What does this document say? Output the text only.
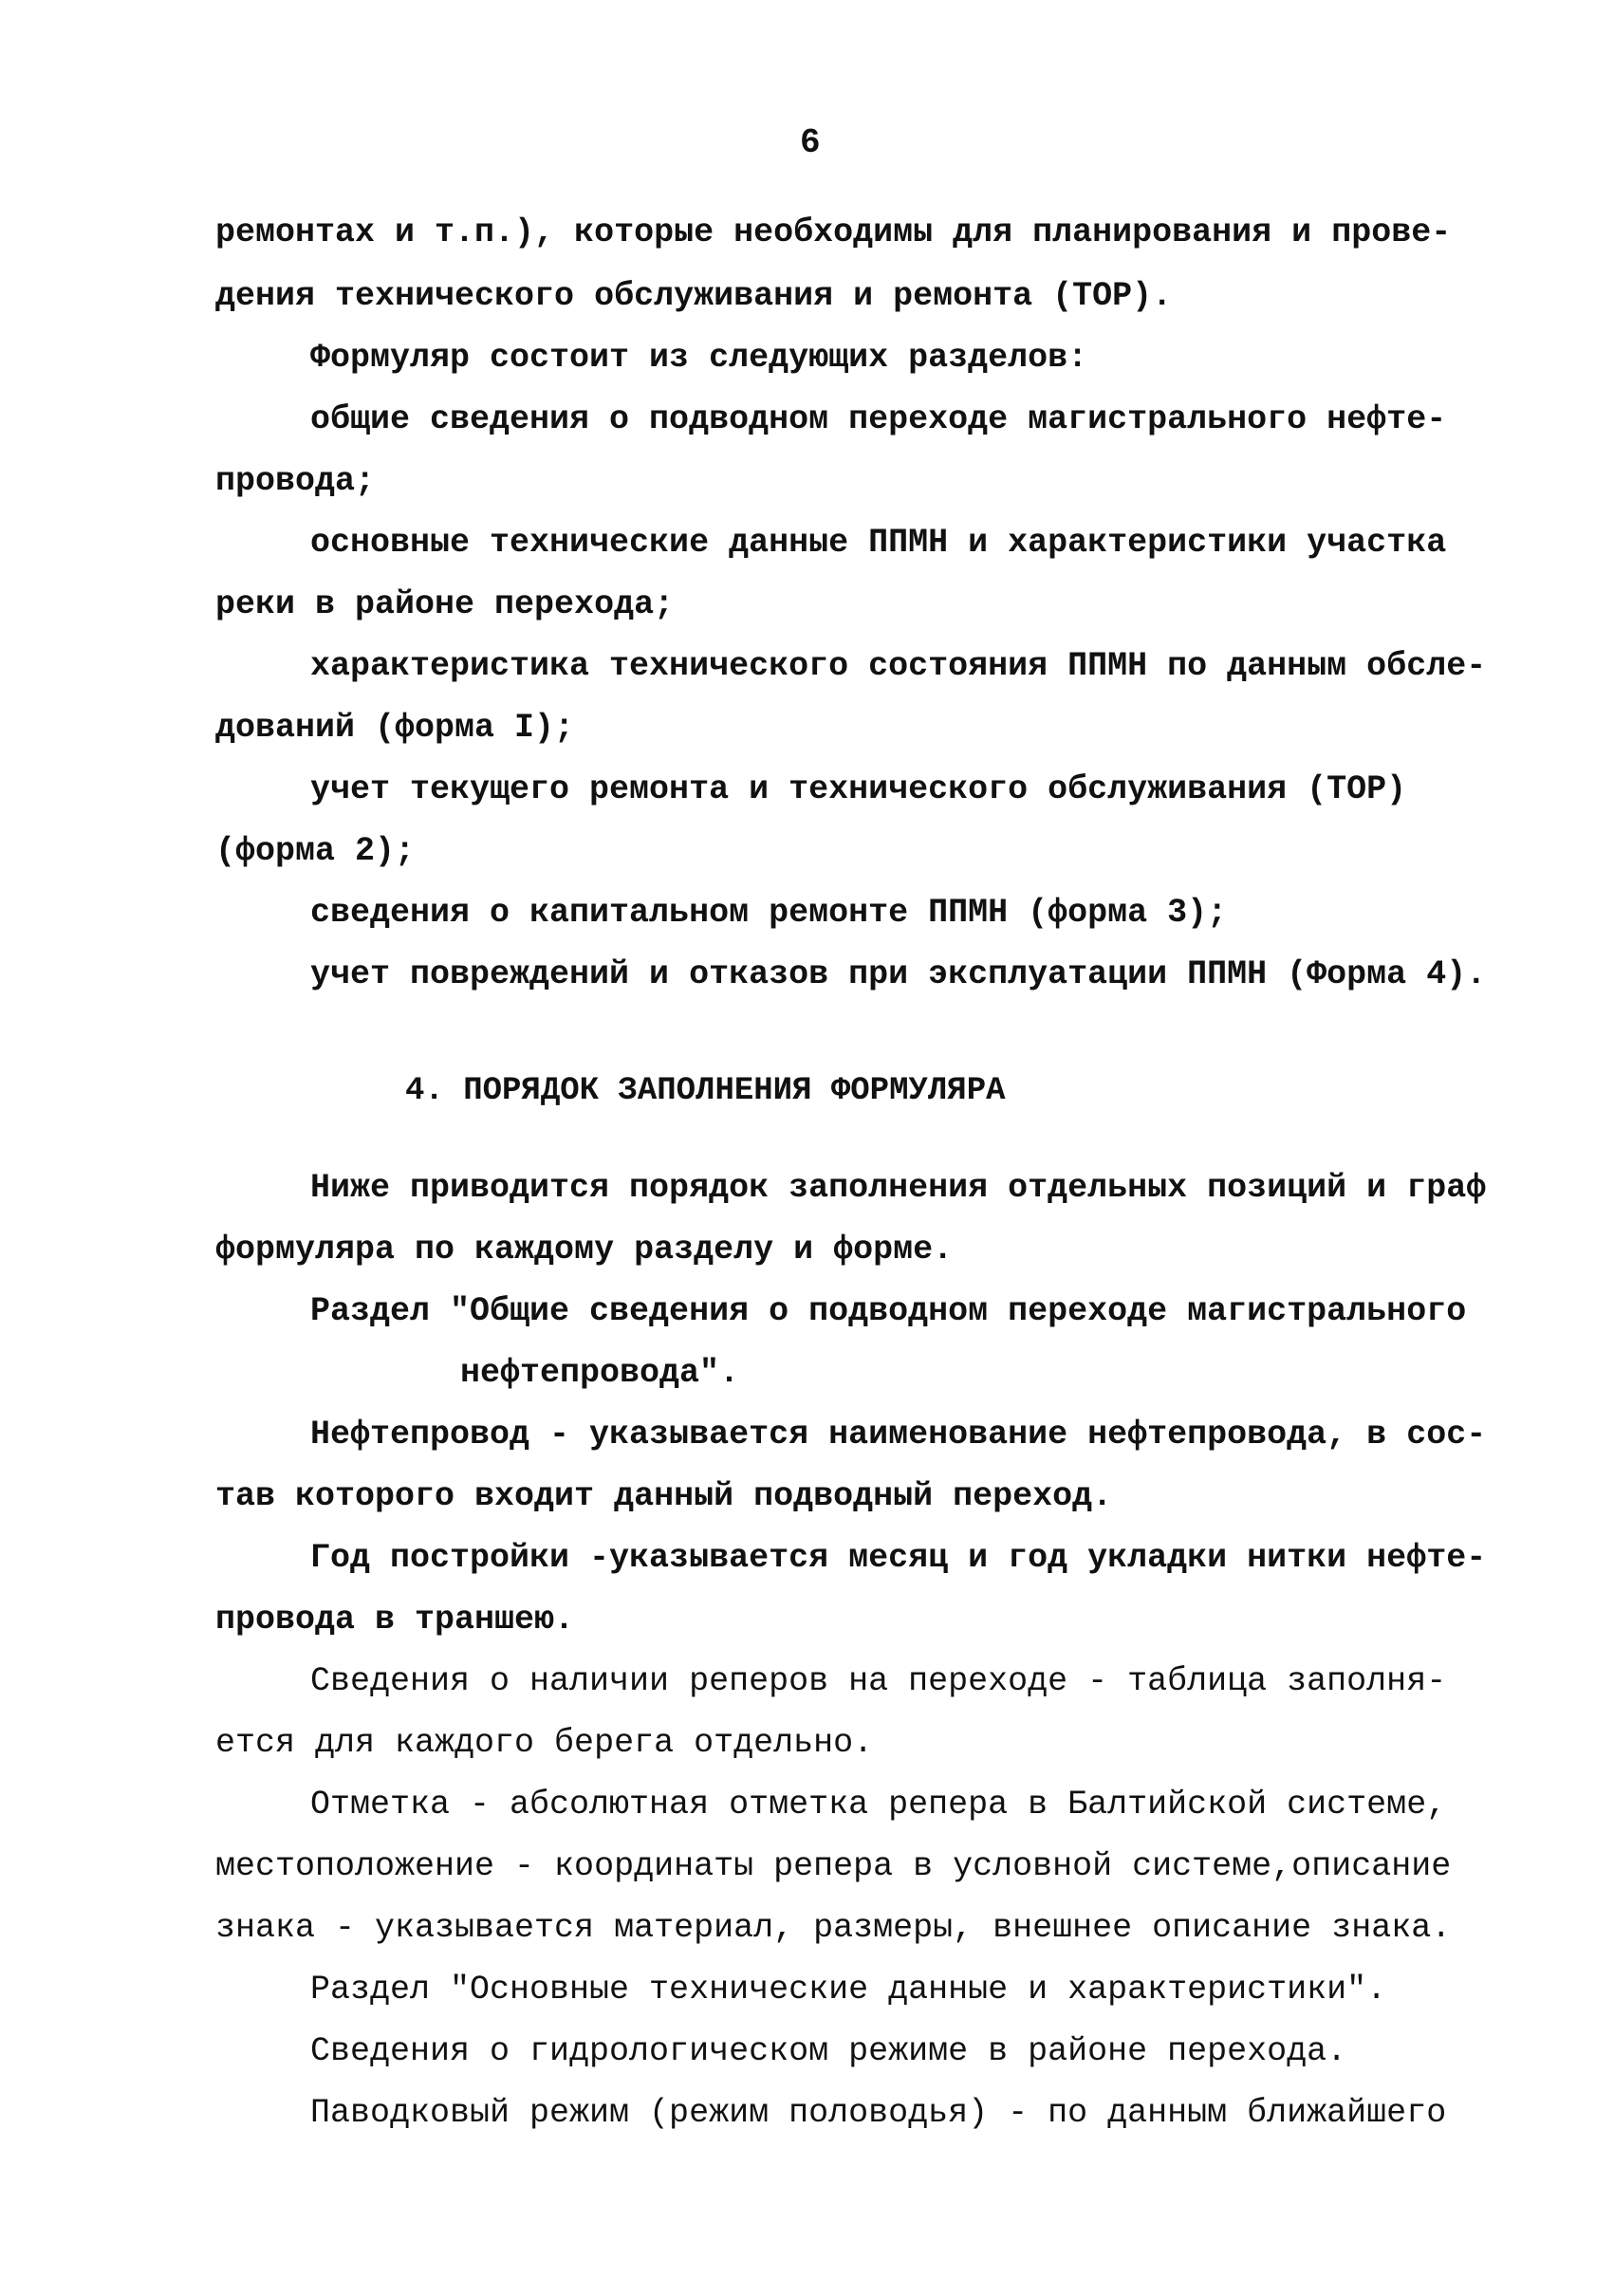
6
ремонтах и т.п.), которые необходимы для планирования и прове-
дения технического обслуживания и ремонта (ТОР).
Формуляр состоит из следующих разделов:
общие сведения о подводном переходе магистрального нефте-
провода;
основные технические данные ППМН и характеристики участка
реки в районе перехода;
характеристика технического состояния ППМН по данным обсле-
дований (форма I);
учет текущего ремонта и технического обслуживания (ТОР)
(форма 2);
сведения о капитальном ремонте ППМН (форма 3);
учет повреждений и отказов при эксплуатации ППМН (Форма 4).
4. ПОРЯДОК ЗАПОЛНЕНИЯ ФОРМУЛЯРА
Ниже приводится порядок заполнения отдельных позиций и граф
формуляра по каждому разделу и форме.
Раздел "Общие сведения о подводном переходе магистрального
нефтепровода".
Нефтепровод - указывается наименование нефтепровода, в сос-
тав которого входит данный подводный переход.
Год постройки -указывается месяц и год укладки нитки нефте-
провода в траншею.
Сведения о наличии реперов на переходе - таблица заполня-
ется для каждого берега отдельно.
Отметка - абсолютная отметка репера в Балтийской системе,
местоположение - координаты репера в условной системе,описание
знака - указывается материал, размеры, внешнее описание знака.
Раздел "Основные технические данные и характеристики".
Сведения о гидрологическом режиме в районе перехода.
Паводковый режим (режим половодья) - по данным ближайшего
